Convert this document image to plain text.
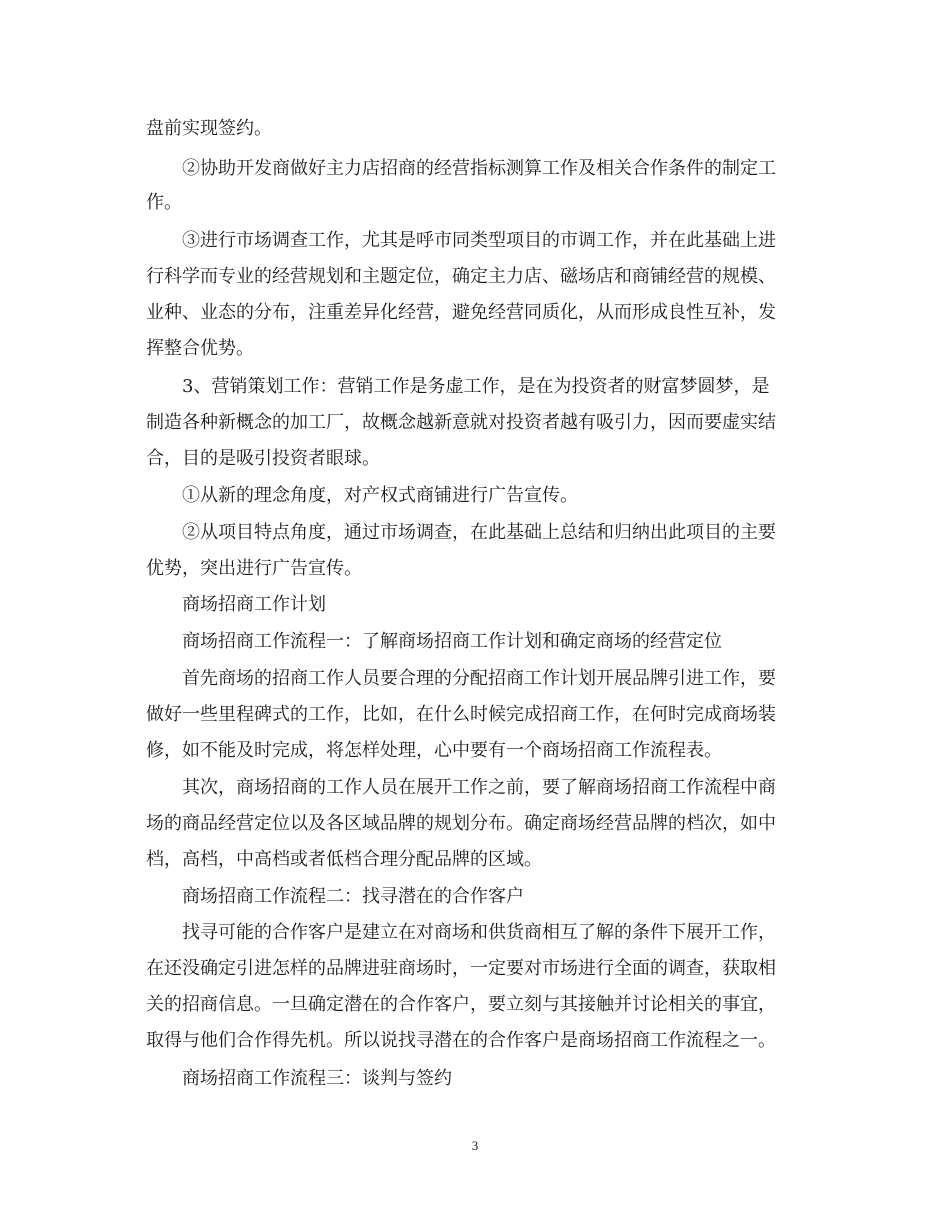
盘前实现签约。
②协助开发商做好主力店招商的经营指标测算工作及相关合作条件的制定工
作。
③进行市场调查工作，尤其是呼市同类型项目的市调工作，并在此基础上进
行科学而专业的经营规划和主题定位，确定主力店、磁场店和商铺经营的规模、
业种、业态的分布，注重差异化经营，避免经营同质化，从而形成良性互补，发
挥整合优势。
3、营销策划工作：营销工作是务虚工作，是在为投资者的财富梦圆梦，是
制造各种新概念的加工厂，故概念越新意就对投资者越有吸引力，因而要虚实结
合，目的是吸引投资者眼球。
①从新的理念角度，对产权式商铺进行广告宣传。
②从项目特点角度，通过市场调查，在此基础上总结和归纳出此项目的主要
优势，突出进行广告宣传。
商场招商工作计划
商场招商工作流程一：了解商场招商工作计划和确定商场的经营定位
首先商场的招商工作人员要合理的分配招商工作计划开展品牌引进工作，要
做好一些里程碑式的工作，比如，在什么时候完成招商工作，在何时完成商场装
修，如不能及时完成，将怎样处理，心中要有一个商场招商工作流程表。
其次，商场招商的工作人员在展开工作之前，要了解商场招商工作流程中商
场的商品经营定位以及各区域品牌的规划分布。确定商场经营品牌的档次，如中
档，高档，中高档或者低档合理分配品牌的区域。
商场招商工作流程二：找寻潜在的合作客户
找寻可能的合作客户是建立在对商场和供货商相互了解的条件下展开工作，
在还没确定引进怎样的品牌进驻商场时，一定要对市场进行全面的调查，获取相
关的招商信息。一旦确定潜在的合作客户，要立刻与其接触并讨论相关的事宜，
取得与他们合作得先机。所以说找寻潜在的合作客户是商场招商工作流程之一。
商场招商工作流程三：谈判与签约
3
